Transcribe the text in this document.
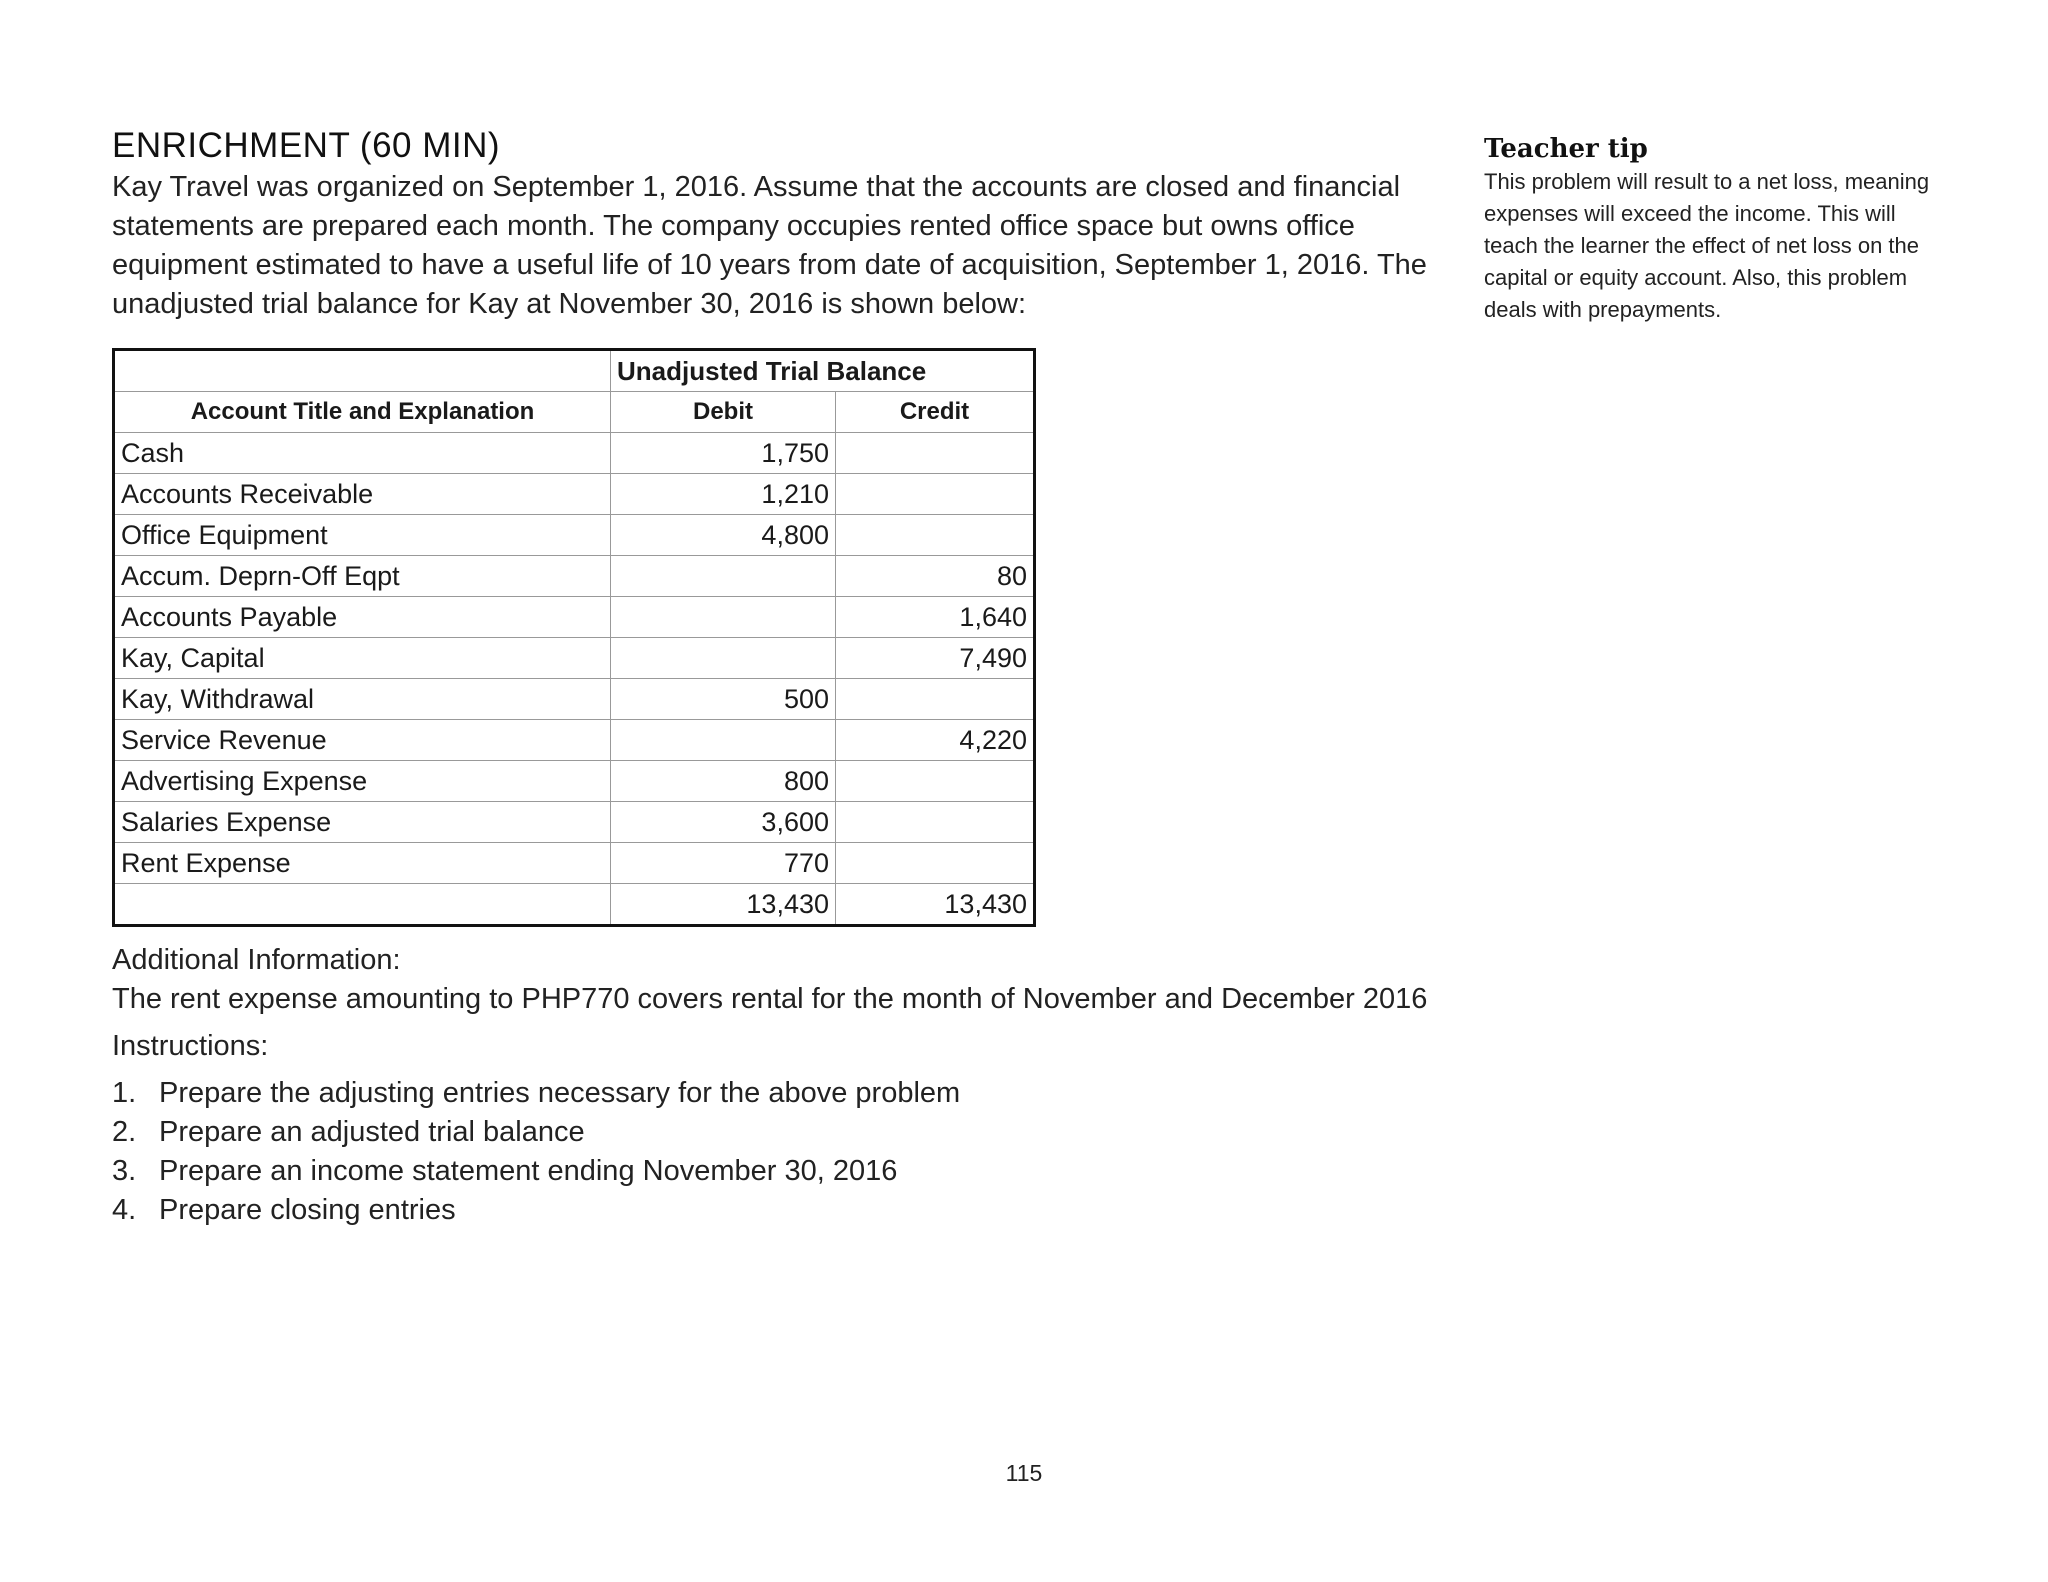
ENRICHMENT (60 MIN)

Kay Travel was organized on September 1, 2016. Assume that the accounts are closed and financial statements are prepared each month. The company occupies rented office space but owns office equipment estimated to have a useful life of 10 years from date of acquisition, September 1, 2016. The unadjusted trial balance for Kay at November 30, 2016 is shown below:

	Unadjusted Trial Balance	
Account Title and Explanation	Debit	Credit
Cash	1,750	
Accounts Receivable	1,210	
Office Equipment	4,800	
Accum. Deprn-Off Eqpt		80
Accounts Payable		1,640
Kay, Capital		7,490
Kay, Withdrawal	500	
Service Revenue		4,220
Advertising Expense	800	
Salaries Expense	3,600	
Rent Expense	770	
	13,430	13,430

Additional Information:

The rent expense amounting to PHP770 covers rental for the month of November and December 2016

Instructions:

1. Prepare the adjusting entries necessary for the above problem
2. Prepare an adjusted trial balance
3. Prepare an income statement ending November 30, 2016
4. Prepare closing entries
Teacher tip

This problem will result to a net loss, meaning expenses will exceed the income. This will teach the learner the effect of net loss on the capital or equity account. Also, this problem deals with prepayments.

115
